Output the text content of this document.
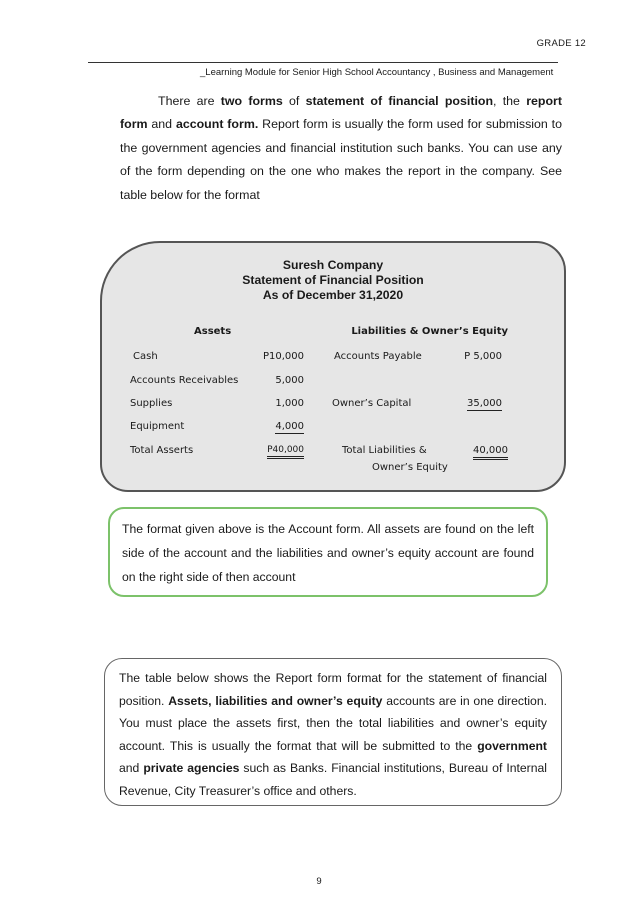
GRADE 12
_Learning Module for Senior High School Accountancy , Business and Management

There are two forms of statement of financial position, the report form and account form. Report form is usually the form used for submission to the government agencies and financial institution such banks. You can use any of the form depending on the one who makes the report in the company. See table below for the format

Suresh Company
Statement of Financial Position
As of December 31,2020
Assets	Liabilities & Owner’s Equity
Cash	P10,000	Accounts Payable	P 5,000
Accounts Receivables	5,000
Supplies	1,000	Owner’s Capital	35,000
Equipment	4,000
Total Asserts	P40,000	Total Liabilities &	40,000
Owner’s Equity

The format given above is the Account form. All assets are found on the left side of the account and the liabilities and owner’s equity account are found on the right side of then account

The table below shows the Report form format for the statement of financial position. Assets, liabilities and owner’s equity accounts are in one direction. You must place the assets first, then the total liabilities and owner’s equity account. This is usually the format that will be submitted to the government and private agencies such as Banks. Financial institutions, Bureau of Internal Revenue, City Treasurer’s office and others.

9
